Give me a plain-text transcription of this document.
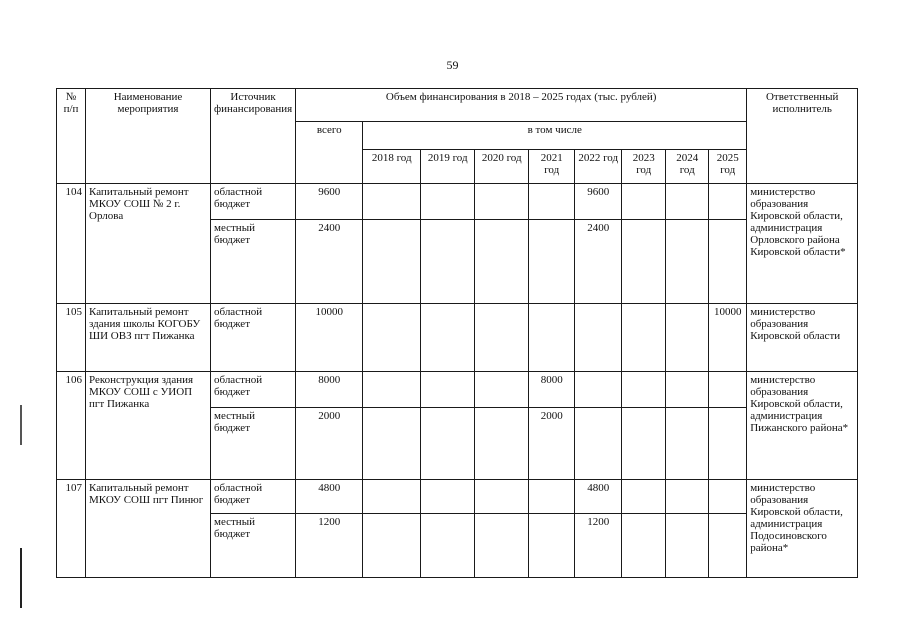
59
№ п/п	Наименование мероприятия	Источник финансирования	Объем финансирования в 2018 – 2025 годах (тыс. рублей)									Ответственный исполнитель
			всего	в том числе								
				2018 год	2019 год	2020 год	2021 год	2022 год	2023 год	2024 год	2025 год	
104	Капитальный ремонт МКОУ СОШ № 2 г. Орлова	областной бюджет	9600					9600				министерство образования Кировской области, администрация Орловского района Кировской области*
		местный бюджет	2400					2400				
105	Капитальный ремонт здания школы КОГОБУ ШИ ОВЗ пгт Пижанка	областной бюджет	10000								10000	министерство образования Кировской области
106	Реконструкция здания МКОУ СОШ с УИОП пгт Пижанка	областной бюджет	8000				8000					министерство образования Кировской области, администрация Пижанского района*
		местный бюджет	2000				2000					
107	Капитальный ремонт МКОУ СОШ пгт Пинюг	областной бюджет	4800					4800				министерство образования Кировской области, администрация Подосиновского района*
		местный бюджет	1200					1200				
